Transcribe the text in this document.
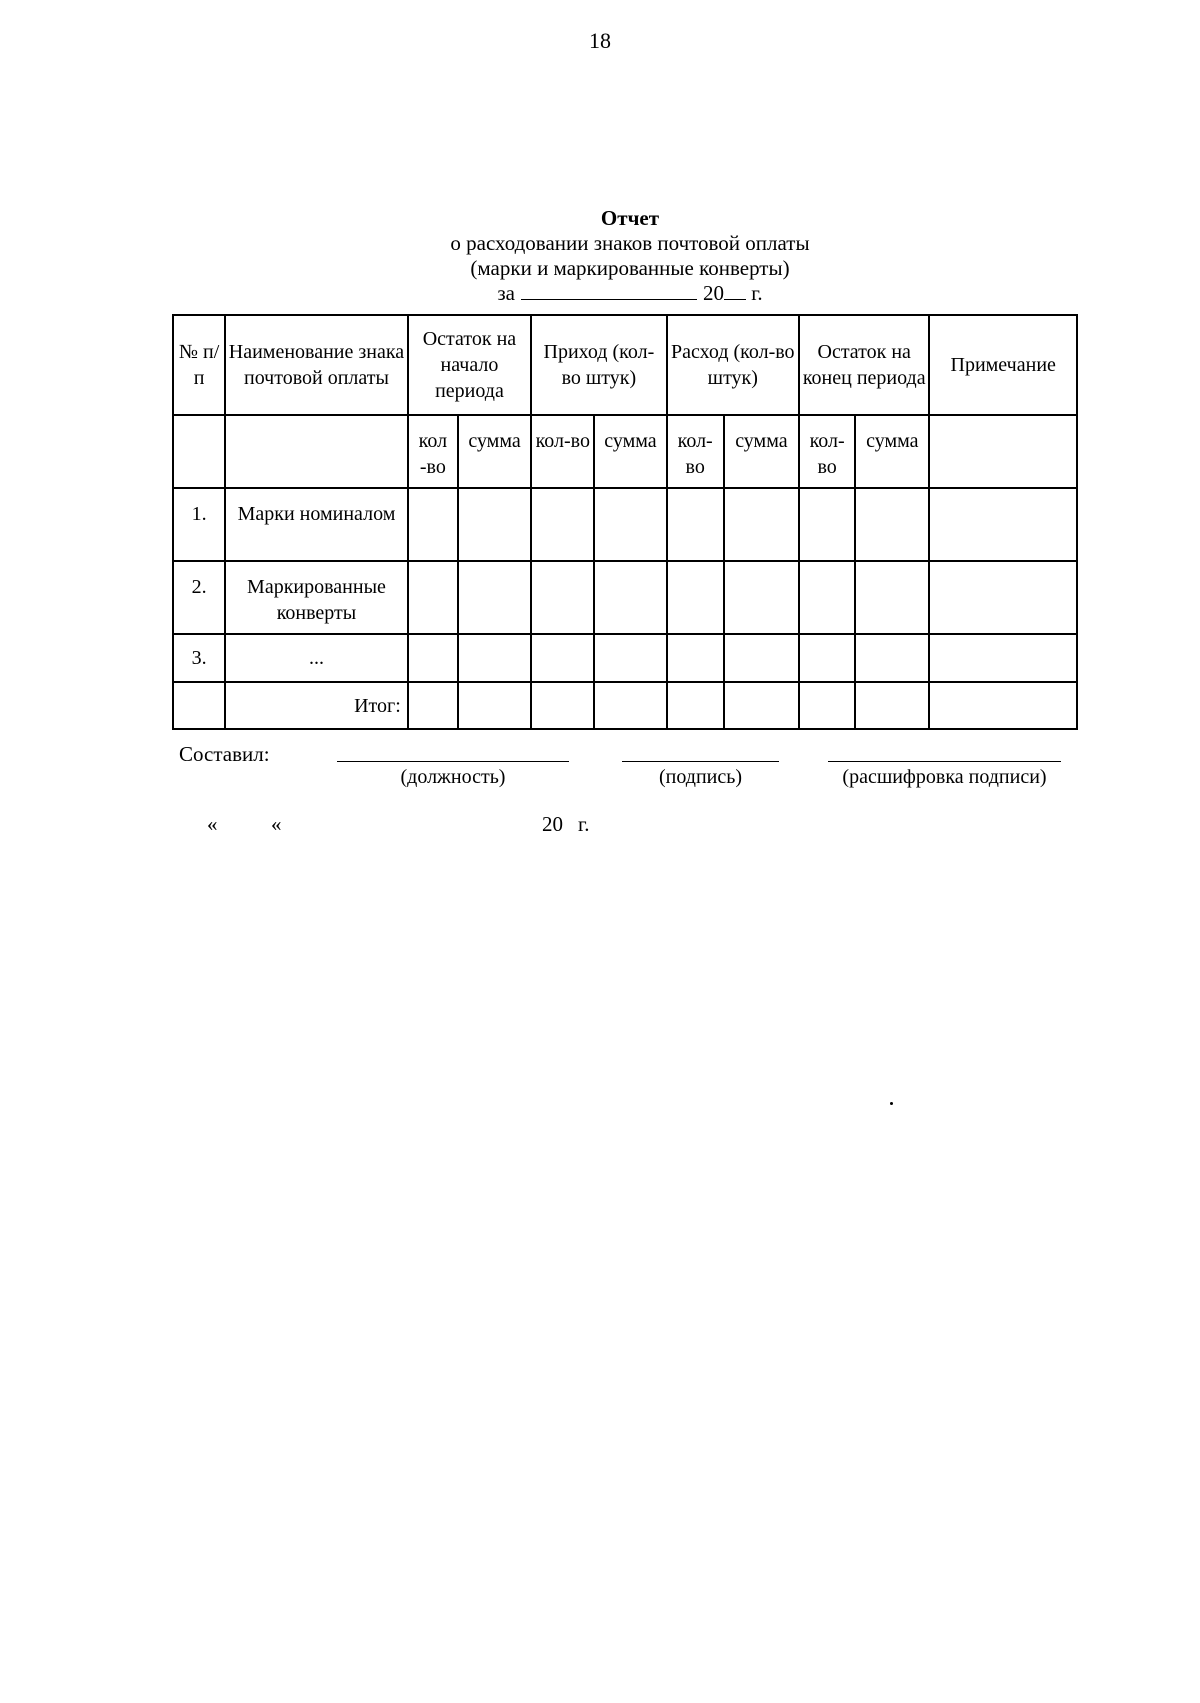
18
Отчет
о расходовании знаков почтовой оплаты
(марки и маркированные конверты)
за	20 г.
№ п/п	Наименование знака почтовой оплаты	Остаток на начало периода		Приход (кол-во штук)		Расход (кол-во штук)		Остаток на конец периода		Примечание
		кол -во	сумма	кол-во	сумма	кол-во	сумма	кол-во	сумма	
1.	Марки номиналом									
2.	Маркированные конверты									
3.	...									
	Итог:									
Составил:
(должность)	(подпись)	(расшифровка подписи)
«	«	20 г.
